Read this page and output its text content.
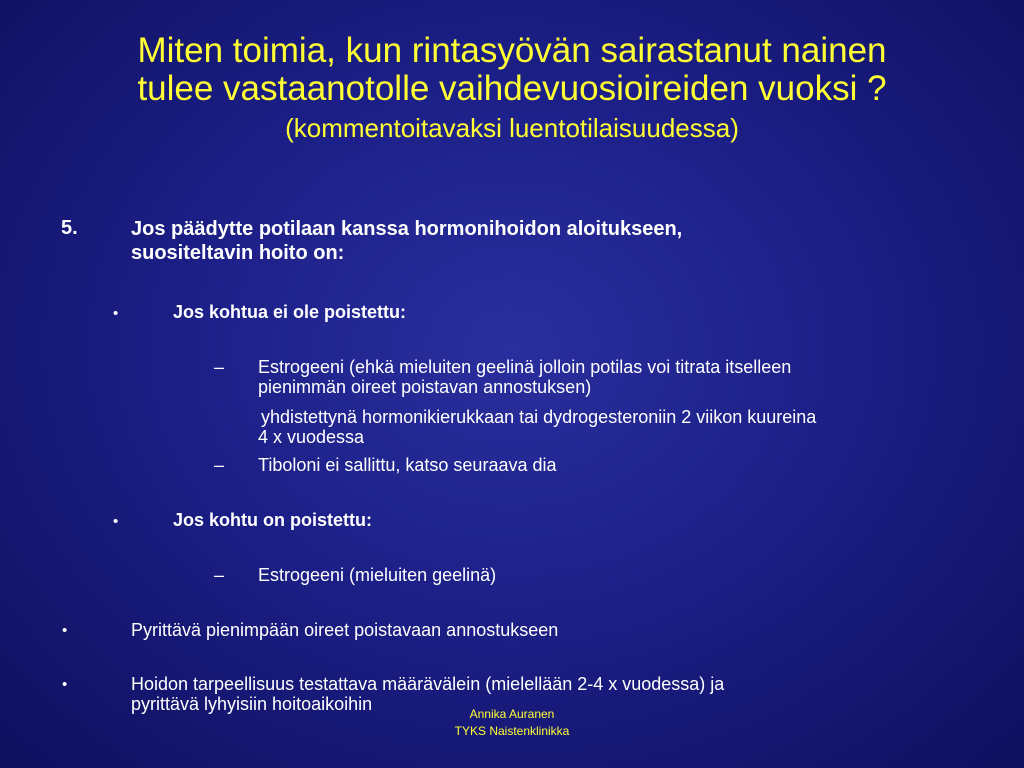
Miten toimia, kun rintasyövän sairastanut nainen
tulee vastaanotolle vaihdevuosioireiden vuoksi ?
(kommentoitavaksi luentotilaisuudessa)
5.	Jos päädytte potilaan kanssa hormonihoidon aloitukseen,
suositeltavin hoito on:
•	Jos kohtua ei ole poistettu:
– Estrogeeni (ehkä mieluiten geelinä jolloin potilas voi titrata itselleen
pienimmän oireet poistavan annostuksen)
yhdistettynä hormonikierukkaan tai dydrogesteroniin 2 viikon kuureina
4 x vuodessa
– Tiboloni ei sallittu, katso seuraava dia
•	Jos kohtu on poistettu:
– Estrogeeni (mieluiten geelinä)
•	Pyrittävä pienimpään oireet poistavaan annostukseen
•	Hoidon tarpeellisuus testattava määrävälein (mielellään 2-4 x vuodessa) ja
pyrittävä lyhyisiin hoitoaikoihin	Annika Auranen
TYKS Naistenklinikka
